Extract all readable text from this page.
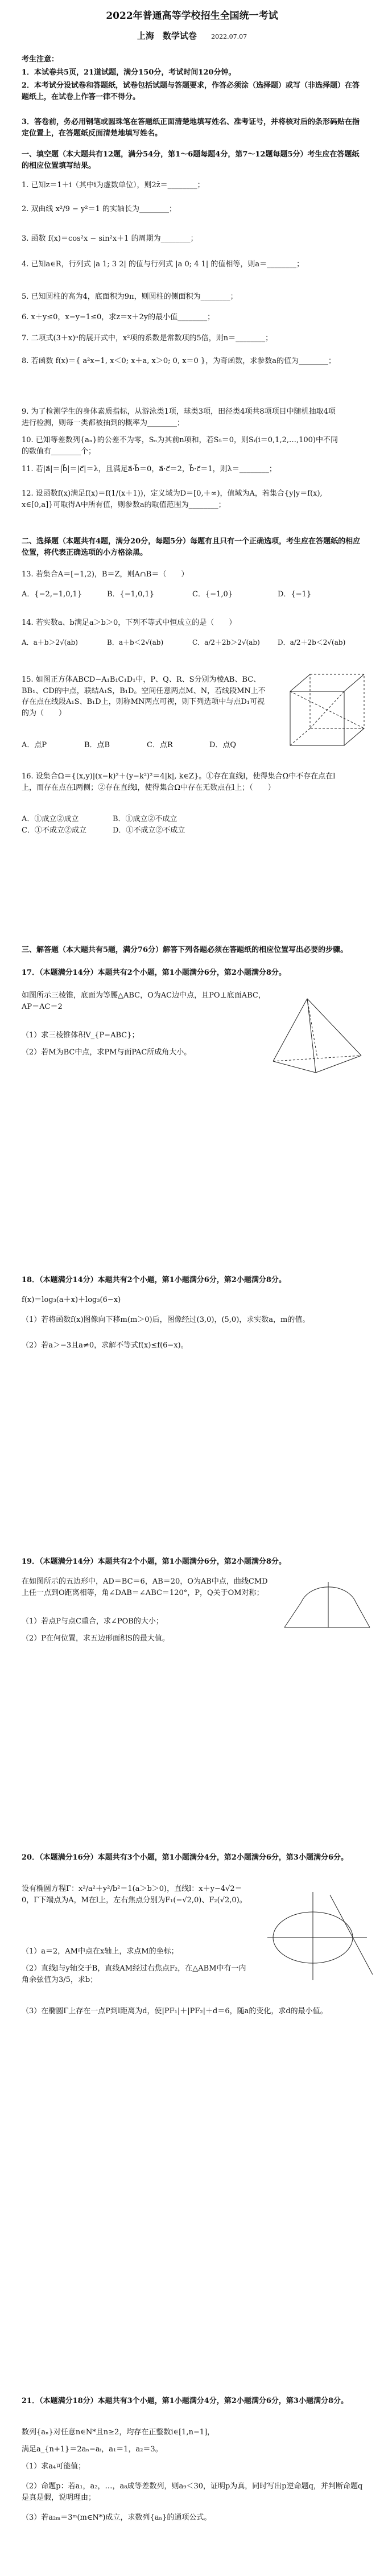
2022年普通高等学校招生全国统一考试
上海　数学试卷 2022.07.07
考生注意：
1．本试卷共5页，21道试题，满分150分，考试时间120分钟。
2．本考试分设试卷和答题纸，试卷包括试题与答题要求，作答必须涂（选择题）或写（非选择题）在答题纸上，在试卷上作答一律不得分。
3．答卷前，务必用钢笔或圆珠笔在答题纸正面清楚地填写姓名、准考证号，并将核对后的条形码贴在指定位置上，在答题纸反面清楚地填写姓名。
一、填空题（本大题共有12题，满分54分，第1～6题每题4分，第7～12题每题5分）考生应在答题纸的相应位置填写结果。
1. 已知z＝1＋i（其中i为虚数单位），则2z̄＝________；
2. 双曲线 x²/9 − y²＝1 的实轴长为________；
3. 函数 f(x)＝cos²x − sin²x＋1 的周期为________；
4. 已知a∈R，行列式 |a 1; 3 2| 的值与行列式 |a 0; 4 1| 的值相等，则a＝________；
5. 已知圆柱的高为4，底面积为9π，则圆柱的侧面积为________；
6. x＋y≤0，x−y−1≤0，求z＝x＋2y的最小值________；
7. 二项式(3＋x)ⁿ的展开式中，x²项的系数是常数项的5倍，则n＝________；
8. 若函数 f(x)＝{ a²x−1, x＜0; x＋a, x＞0; 0, x＝0 }，为奇函数，求参数a的值为________；
9. 为了检测学生的身体素质指标，从游泳类1项，球类3项，田径类4项共8项项目中随机抽取4项进行检测，则每一类都被抽到的概率为________；
10. 已知等差数列{aₙ}的公差不为零，Sₙ为其前n项和，若S₅＝0，则Sᵢ(i＝0,1,2,…,100)中不同的数值有________个；
11. 若|a⃗|＝|b⃗|＝|c⃗|＝λ，且满足a⃗·b⃗＝0，a⃗·c⃗＝2，b⃗·c⃗＝1，则λ＝________；
12. 设函数f(x)满足f(x)＝f(1/(x＋1))，定义域为D＝[0,＋∞)，值域为A，若集合{y|y＝f(x), x∈[0,a]}可取得A中所有值，则参数a的取值范围为________；
二、选择题（本题共有4题，满分20分，每题5分）每题有且只有一个正确选项，考生应在答题纸的相应位置，将代表正确选项的小方格涂黑。
13. 若集合A＝[−1,2)，B＝Z，则A∩B＝（　　）
A．{−2,−1,0,1}	B．{−1,0,1}	C．{−1,0}	D．{−1}
14. 若实数a、b满足a＞b＞0，下列不等式中恒成立的是（　　）
A．a＋b＞2√(ab)	B．a＋b＜2√(ab)	C．a/2＋2b＞2√(ab)	D．a/2＋2b＜2√(ab)
15. 如图正方体ABCD−A₁B₁C₁D₁中，P、Q、R、S分别为棱AB、BC、BB₁、CD的中点，联结A₁S，B₁D。空间任意两点M、N，若线段MN上不存在点在线段A₁S、B₁D上，则称MN两点可视，则下列选项中与点D₁可视的为（　　）
A．点P	B．点B	C．点R	D．点Q
16. 设集合Ω＝{(x,y)|(x−k)²＋(y−k²)²＝4|k|, k∈Z}。①存在直线l，使得集合Ω中不存在点在l上，而存在点在l两侧；②存在直线l，使得集合Ω中存在无数点在l上；（　　）
A．①成立②成立	B．①成立②不成立
C．①不成立②成立	D．①不成立②不成立
三、解答题（本大题共有5题，满分76分）解答下列各题必须在答题纸的相应位置写出必要的步骤。
17．（本题满分14分）本题共有2个小题，第1小题满分6分，第2小题满分8分。
如图所示三棱锥，底面为等腰△ABC，O为AC边中点，且PO⊥底面ABC，AP＝AC＝2
（1）求三棱锥体积V_{P−ABC}；
（2）若M为BC中点，求PM与面PAC所成角大小。
18．（本题满分14分）本题共有2个小题，第1小题满分6分，第2小题满分8分。
f(x)＝log₃(a＋x)＋log₃(6−x)
（1）若将函数f(x)图像向下移m(m＞0)后，图像经过(3,0)，(5,0)，求实数a，m的值。
（2）若a＞−3且a≠0，求解不等式f(x)≤f(6−x)。
19．（本题满分14分）本题共有2个小题，第1小题满分6分，第2小题满分8分。
在如图所示的五边形中，AD＝BC＝6，AB＝20，O为AB中点，曲线CMD上任一点到O距离相等，角∠DAB＝∠ABC＝120°，P，Q关于OM对称；
（1）若点P与点C重合，求∠POB的大小；
（2）P在何位置，求五边形面积S的最大值。
20．（本题满分16分）本题共有3个小题，第1小题满分4分，第2小题满分6分，第3小题满分6分。
设有椭圆方程Γ：x²/a²＋y²/b²＝1(a＞b＞0)，直线l：x＋y−4√2＝0，Γ下端点为A，M在l上，左右焦点分别为F₁(−√2,0)、F₂(√2,0)。
（1）a＝2，AM中点在x轴上，求点M的坐标；
（2）直线l与y轴交于B，直线AM经过右焦点F₂，在△ABM中有一内角余弦值为3/5，求b；
（3）在椭圆Γ上存在一点P到l距离为d，使|PF₁|＋|PF₂|＋d＝6，随a的变化，求d的最小值。
21．（本题满分18分）本题共有3个小题，第1小题满分4分，第2小题满分6分，第3小题满分8分。
数列{aₙ}对任意n∈N*且n≥2，均存在正整数i∈[1,n−1]，
满足a_{n+1}＝2aₙ−aᵢ，a₁＝1，a₂＝3。
（1）求a₄可能值；
（2）命题p：若a₁，a₂，…，a₈成等差数列，则a₉＜30，证明p为真，同时写出p逆命题q，并判断命题q是真是假，说明理由；
（3）若a₂ₘ＝3ᵐ(m∈N*)成立，求数列{aₙ}的通项公式。
